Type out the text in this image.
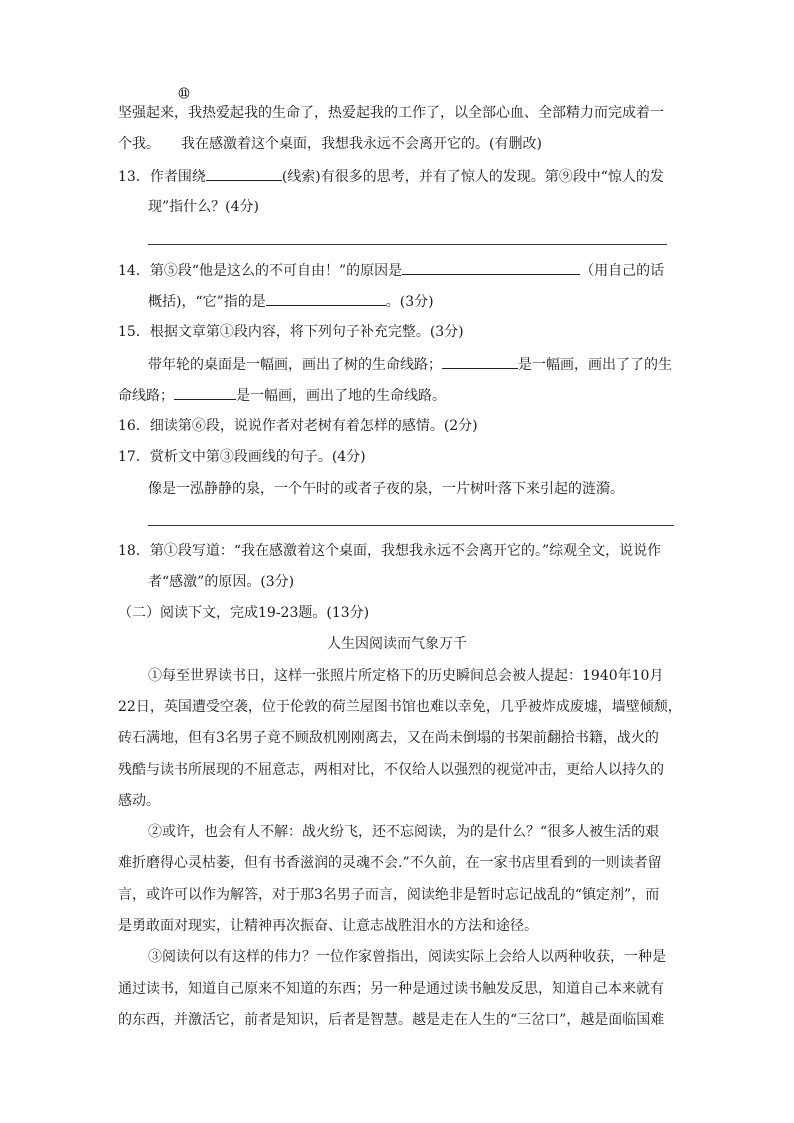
坚强起来，我热爱起我的生命了，热爱起我的工作了，以全部心血、全部精力而完成着一
⑪
个我。　　我在感激着这个桌面，我想我永远不会离开它的。(有删改)
13．作者围绕	(线索)有很多的思考，并有了惊人的发现。第⑨段中“惊人的发
现”指什么？(4分)
14．第⑤段“他是这么的不可自由！”的原因是	（用自己的话
概括)，“它”指的是	。(3分)
15．根据文章第①段内容，将下列句子补充完整。(3分)
带年轮的桌面是一幅画，画出了树的生命线路；	是一幅画，画出了了的生
命线路；	是一幅画，画出了地的生命线路。
16．细读第⑥段，说说作者对老树有着怎样的感情。(2分)
17．赏析文中第③段画线的句子。(4分)
像是一泓静静的泉，一个午时的或者子夜的泉，一片树叶落下来引起的涟漪。
18．第①段写道：“我在感激着这个桌面，我想我永远不会离开它的。”综观全文，说说作
者“感激”的原因。(3分)
（二）阅读下文，完成19-23题。(13分)
人生因阅读而气象万千
①每至世界读书日，这样一张照片所定格下的历史瞬间总会被人提起：1940年10月
22日，英国遭受空袭，位于伦敦的荷兰屋图书馆也难以幸免，几乎被炸成废墟，墙壁倾颓，
砖石满地，但有3名男子竟不顾敌机刚刚离去，又在尚未倒塌的书架前翻拾书籍，战火的
残酷与读书所展现的不屈意志，两相对比，不仅给人以强烈的视觉冲击，更给人以持久的
感动。
②或许，也会有人不解：战火纷飞，还不忘阅读，为的是什么？“很多人被生活的艰
难折磨得心灵枯萎，但有书香滋润的灵魂不会.”不久前，在一家书店里看到的一则读者留
言，或许可以作为解答，对于那3名男子而言，阅读绝非是暂时忘记战乱的“镇定剂”，而
是勇敢面对现实，让精神再次振奋、让意志战胜泪水的方法和途径。
③阅读何以有这样的伟力？一位作家曾指出，阅读实际上会给人以两种收获，一种是
通过读书，知道自己原来不知道的东西；另一种是通过读书触发反思，知道自己本来就有
的东西，并激活它，前者是知识，后者是智慧。越是走在人生的“三岔口”，越是面临国难
